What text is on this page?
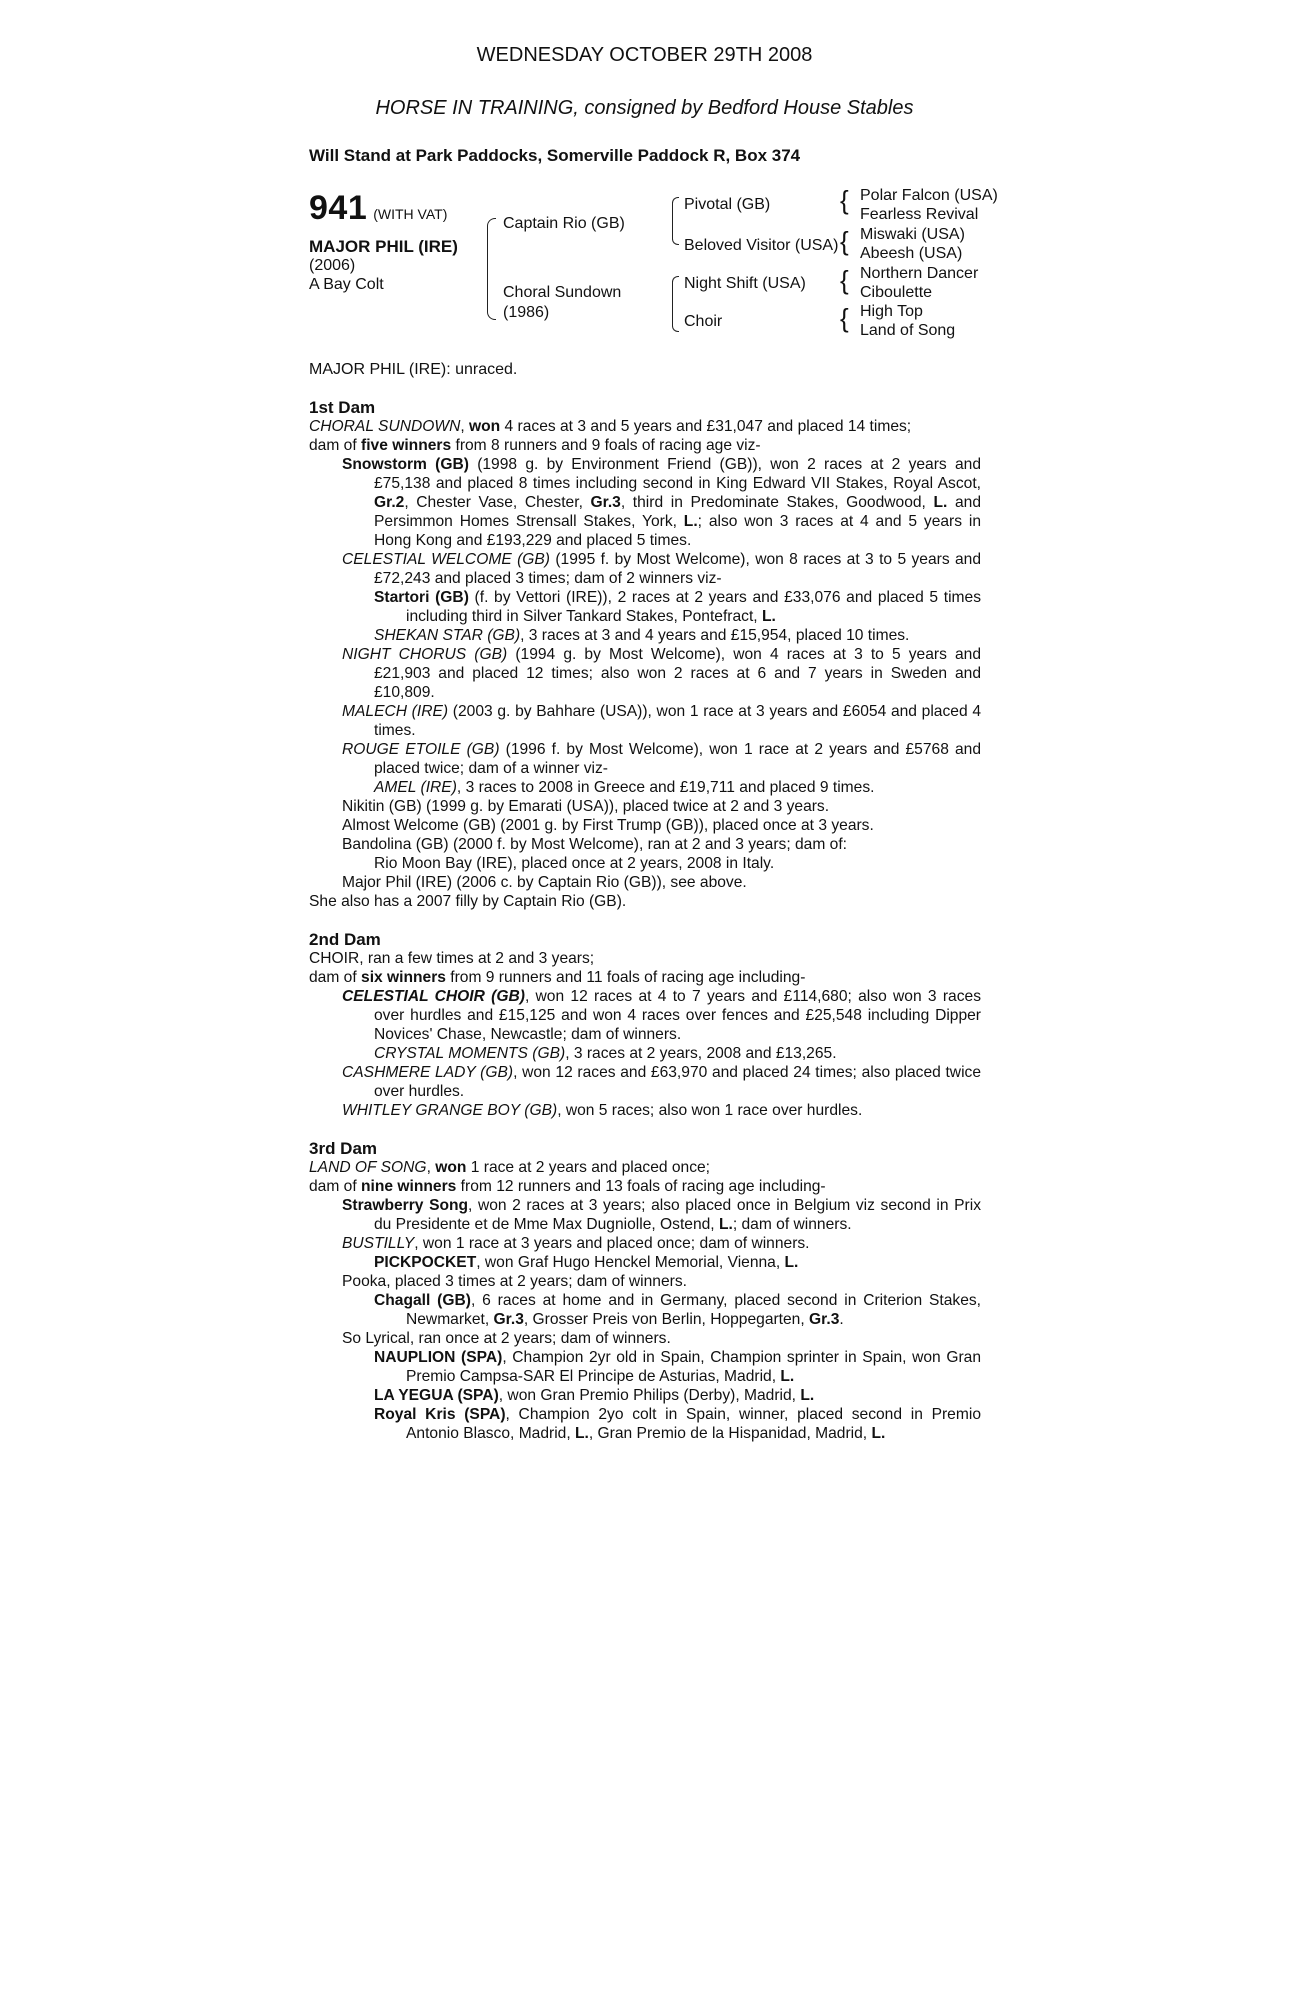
WEDNESDAY OCTOBER 29TH 2008
HORSE IN TRAINING, consigned by Bedford House Stables
Will Stand at Park Paddocks, Somerville Paddock R, Box 374
941 (WITH VAT)
MAJOR PHIL (IRE)
(2006)
A Bay Colt
Captain Rio (GB)
Choral Sundown
(1986)
Pivotal (GB)
Beloved Visitor (USA)
Night Shift (USA)
Choir
{ Polar Falcon (USA)
Fearless Revival
{ Miswaki (USA)
Abeesh (USA)
{ Northern Dancer
Ciboulette
{ High Top
Land of Song
MAJOR PHIL (IRE): unraced.
1st Dam
CHORAL SUNDOWN, won 4 races at 3 and 5 years and £31,047 and placed 14 times;
dam of five winners from 8 runners and 9 foals of racing age viz-
Snowstorm (GB) (1998 g. by Environment Friend (GB)), won 2 races at 2 years and £75,138 and placed 8 times including second in King Edward VII Stakes, Royal Ascot, Gr.2, Chester Vase, Chester, Gr.3, third in Predominate Stakes, Goodwood, L. and Persimmon Homes Strensall Stakes, York, L.; also won 3 races at 4 and 5 years in Hong Kong and £193,229 and placed 5 times.
CELESTIAL WELCOME (GB) (1995 f. by Most Welcome), won 8 races at 3 to 5 years and £72,243 and placed 3 times; dam of 2 winners viz-
Startori (GB) (f. by Vettori (IRE)), 2 races at 2 years and £33,076 and placed 5 times including third in Silver Tankard Stakes, Pontefract, L.
SHEKAN STAR (GB), 3 races at 3 and 4 years and £15,954, placed 10 times.
NIGHT CHORUS (GB) (1994 g. by Most Welcome), won 4 races at 3 to 5 years and £21,903 and placed 12 times; also won 2 races at 6 and 7 years in Sweden and £10,809.
MALECH (IRE) (2003 g. by Bahhare (USA)), won 1 race at 3 years and £6054 and placed 4 times.
ROUGE ETOILE (GB) (1996 f. by Most Welcome), won 1 race at 2 years and £5768 and placed twice; dam of a winner viz-
AMEL (IRE), 3 races to 2008 in Greece and £19,711 and placed 9 times.
Nikitin (GB) (1999 g. by Emarati (USA)), placed twice at 2 and 3 years.
Almost Welcome (GB) (2001 g. by First Trump (GB)), placed once at 3 years.
Bandolina (GB) (2000 f. by Most Welcome), ran at 2 and 3 years; dam of:
Rio Moon Bay (IRE), placed once at 2 years, 2008 in Italy.
Major Phil (IRE) (2006 c. by Captain Rio (GB)), see above.
She also has a 2007 filly by Captain Rio (GB).
2nd Dam
CHOIR, ran a few times at 2 and 3 years;
dam of six winners from 9 runners and 11 foals of racing age including-
CELESTIAL CHOIR (GB), won 12 races at 4 to 7 years and £114,680; also won 3 races over hurdles and £15,125 and won 4 races over fences and £25,548 including Dipper Novices' Chase, Newcastle; dam of winners.
CRYSTAL MOMENTS (GB), 3 races at 2 years, 2008 and £13,265.
CASHMERE LADY (GB), won 12 races and £63,970 and placed 24 times; also placed twice over hurdles.
WHITLEY GRANGE BOY (GB), won 5 races; also won 1 race over hurdles.
3rd Dam
LAND OF SONG, won 1 race at 2 years and placed once;
dam of nine winners from 12 runners and 13 foals of racing age including-
Strawberry Song, won 2 races at 3 years; also placed once in Belgium viz second in Prix du Presidente et de Mme Max Dugniolle, Ostend, L.; dam of winners.
BUSTILLY, won 1 race at 3 years and placed once; dam of winners.
PICKPOCKET, won Graf Hugo Henckel Memorial, Vienna, L.
Pooka, placed 3 times at 2 years; dam of winners.
Chagall (GB), 6 races at home and in Germany, placed second in Criterion Stakes, Newmarket, Gr.3, Grosser Preis von Berlin, Hoppegarten, Gr.3.
So Lyrical, ran once at 2 years; dam of winners.
NAUPLION (SPA), Champion 2yr old in Spain, Champion sprinter in Spain, won Gran Premio Campsa-SAR El Principe de Asturias, Madrid, L.
LA YEGUA (SPA), won Gran Premio Philips (Derby), Madrid, L.
Royal Kris (SPA), Champion 2yo colt in Spain, winner, placed second in Premio Antonio Blasco, Madrid, L., Gran Premio de la Hispanidad, Madrid, L.
